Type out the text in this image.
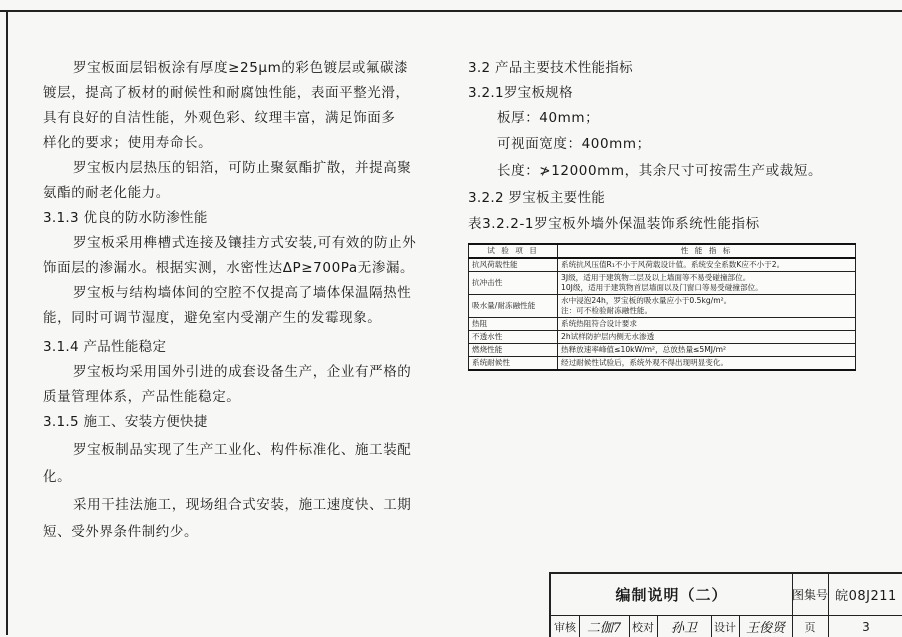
罗宝板面层铝板涂有厚度≥25μm的彩色镀层或氟碳漆
镀层，提高了板材的耐候性和耐腐蚀性能，表面平整光滑，
具有良好的自洁性能，外观色彩、纹理丰富，满足饰面多
样化的要求；使用寿命长。
罗宝板内层热压的铝箔，可防止聚氨酯扩散，并提高聚
氨酯的耐老化能力。
3.1.3 优良的防水防渗性能
罗宝板采用榫槽式连接及镶挂方式安装,可有效的防止外
饰面层的渗漏水。根据实测，水密性达ΔP≥700Pa无渗漏。
罗宝板与结构墙体间的空腔不仅提高了墙体保温隔热性
能，同时可调节湿度，避免室内受潮产生的发霉现象。
3.1.4 产品性能稳定
罗宝板均采用国外引进的成套设备生产，企业有严格的
质量管理体系，产品性能稳定。
3.1.5 施工、安装方便快捷
罗宝板制品实现了生产工业化、构件标准化、施工装配
化。
采用干挂法施工，现场组合式安装，施工速度快、工期
短、受外界条件制约少。
3.2 产品主要技术性能指标
3.2.1罗宝板规格
板厚：40mm；
可视面宽度：400mm；
长度：≯12000mm，其余尺寸可按需生产或裁短。
3.2.2 罗宝板主要性能
表3.2.2-1罗宝板外墙外保温装饰系统性能指标
试 验 项 目	性 能 指 标
抗风荷载性能	系统抗风压值R₁不小于风荷载设计值。系统安全系数K应不小于2。
抗冲击性	3J级，适用于建筑物二层及以上墙面等不易受碰撞部位。
10J级，适用于建筑物首层墙面以及门窗口等易受碰撞部位。

吸水量/耐冻融性能	水中浸泡24h，罗宝板的吸水量应小于0.5kg/m²。
注：可不检验耐冻融性能。

热阻	系统热阻符合设计要求
不透水性	2h试样防护层内侧无水渗透
燃烧性能	热释放速率峰值≤10kW/m²，总放热量≤5MJ/m²
系统耐候性	经过耐候性试验后，系统外观不得出现明显变化。
编制说明（二）	图集号 皖08J211
审核 二伽7 校对	孙卫	设计 王俊贤	页	3
